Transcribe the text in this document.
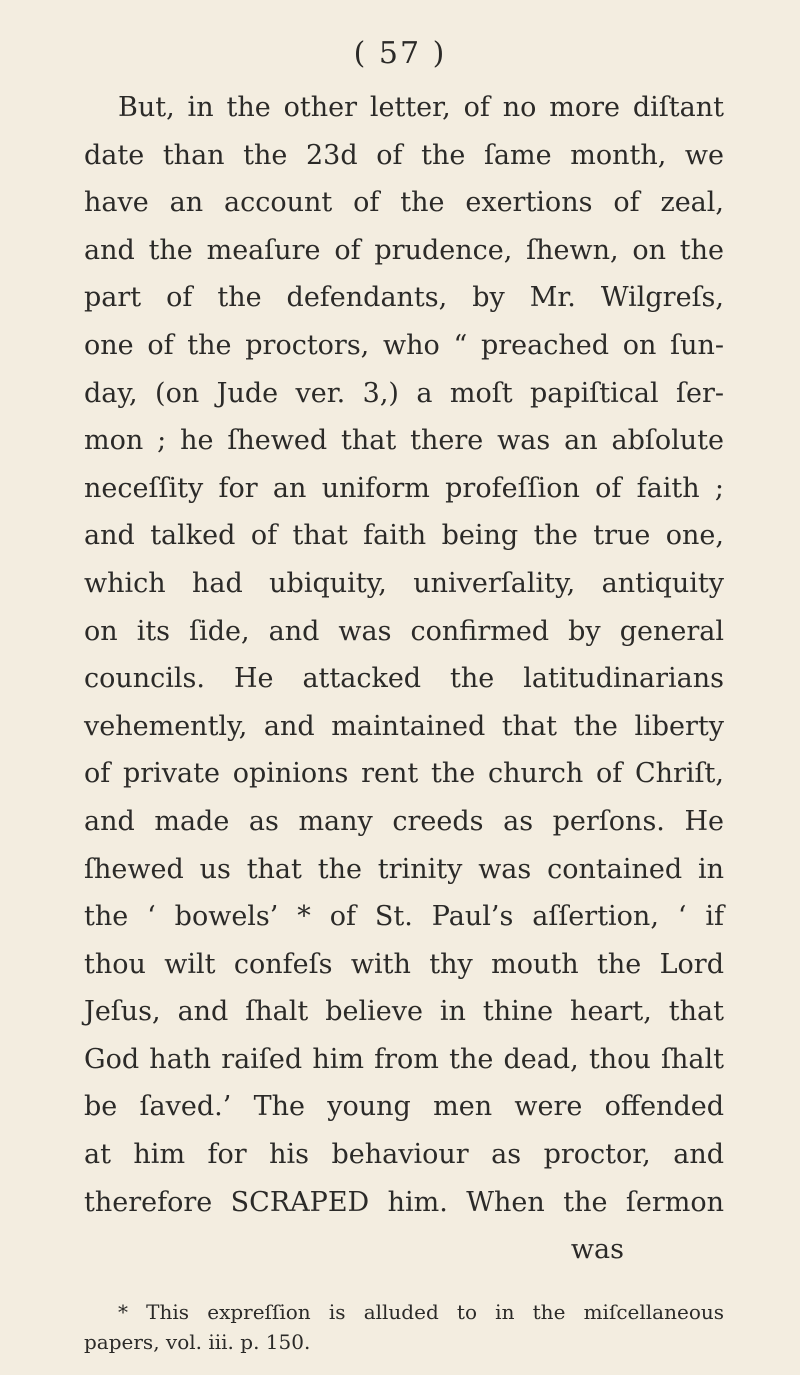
( 57 )
But, in the other letter, of no more diſtant
date than the 23d of the ſame month, we
have an account of the exertions of zeal,
and the meaſure of prudence, ſhewn, on the
part of the defendants, by Mr. Wilgreſs,
one of the proctors, who “ preached on ſun-
day, (on Jude ver. 3,) a moſt papiſtical ſer-
mon ; he ſhewed that there was an abſolute
neceſſity for an uniform profeſſion of faith ;
and talked of that faith being the true one,
which had ubiquity, univerſality, antiquity
on its ſide, and was confirmed by general
councils. He attacked the latitudinarians
vehemently, and maintained that the liberty
of private opinions rent the church of Chriſt,
and made as many creeds as perſons. He
ſhewed us that the trinity was contained in
the ‘ bowels’ * of St. Paul’s aſſertion, ‘ if
thou wilt confeſs with thy mouth the Lord
Jeſus, and ſhalt believe in thine heart, that
God hath raiſed him from the dead, thou ſhalt
be ſaved.’ The young men were offended
at him for his behaviour as proctor, and
therefore SCRAPED him. When the ſermon
was
* This expreſſion is alluded to in the miſcellaneous
papers, vol. iii. p. 150.
